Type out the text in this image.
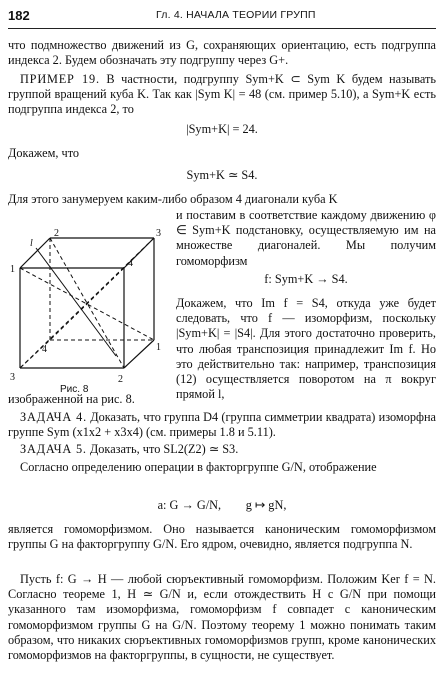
182	Гл. 4. НАЧАЛА ТЕОРИИ ГРУПП

что подмножество движений из G, сохраняющих ориентацию, есть подгруппа индекса 2. Будем обозначать эту подгруппу через G+.

ПРИМЕР 19. В частности, подгруппу Sym+K ⊂ Sym K будем называть группой вращений куба K. Так как |Sym K| = 48 (см. пример 5.10), а Sym+K есть подгруппа индекса 2, то

|Sym+K| = 24.

Докажем, что

Sym+K ≃ S4.

Для этого занумеруем каким-либо образом 4 диагонали куба K

и поставим в соответствие каждому движению φ ∈ Sym+K подстановку, осуществляемую им на множестве диагоналей. Мы получим гомоморфизм

f: Sym+K → S4.

Докажем, что Im f = S4, откуда уже будет следовать, что f — изоморфизм, поскольку |Sym+K| = |S4|. Для этого достаточно проверить, что любая транспозиция принадлежит Im f. Но это действительно так: например, транспозиция (12) осуществляется поворотом на π вокруг прямой l,

l
1
2	3
4
4
3	2
1
Рис. 8

изображенной на рис. 8.

ЗАДАЧА 4. Доказать, что группа D4 (группа симметрии квадрата) изоморфна группе Sym (x1x2 + x3x4) (см. примеры 1.8 и 5.11).

ЗАДАЧА 5. Доказать, что SL2(Z2) ≃ S3.

Согласно определению операции в факторгруппе G/N, отображение

a: G → G/N,        g ↦ gN,

является гомоморфизмом. Оно называется каноническим гомоморфизмом группы G на факторгруппу G/N. Его ядром, очевидно, является подгруппа N.

Пусть f: G → H — любой сюръективный гомоморфизм. Положим Ker f = N. Согласно теореме 1, H ≃ G/N и, если отождествить H с G/N при помощи указанного там изоморфизма, гомоморфизм f совпадет с каноническим гомоморфизмом группы G на G/N. Поэтому теорему 1 можно понимать таким образом, что никаких сюръективных гомоморфизмов групп, кроме канонических гомоморфизмов на факторгруппы, в сущности, не существует.
